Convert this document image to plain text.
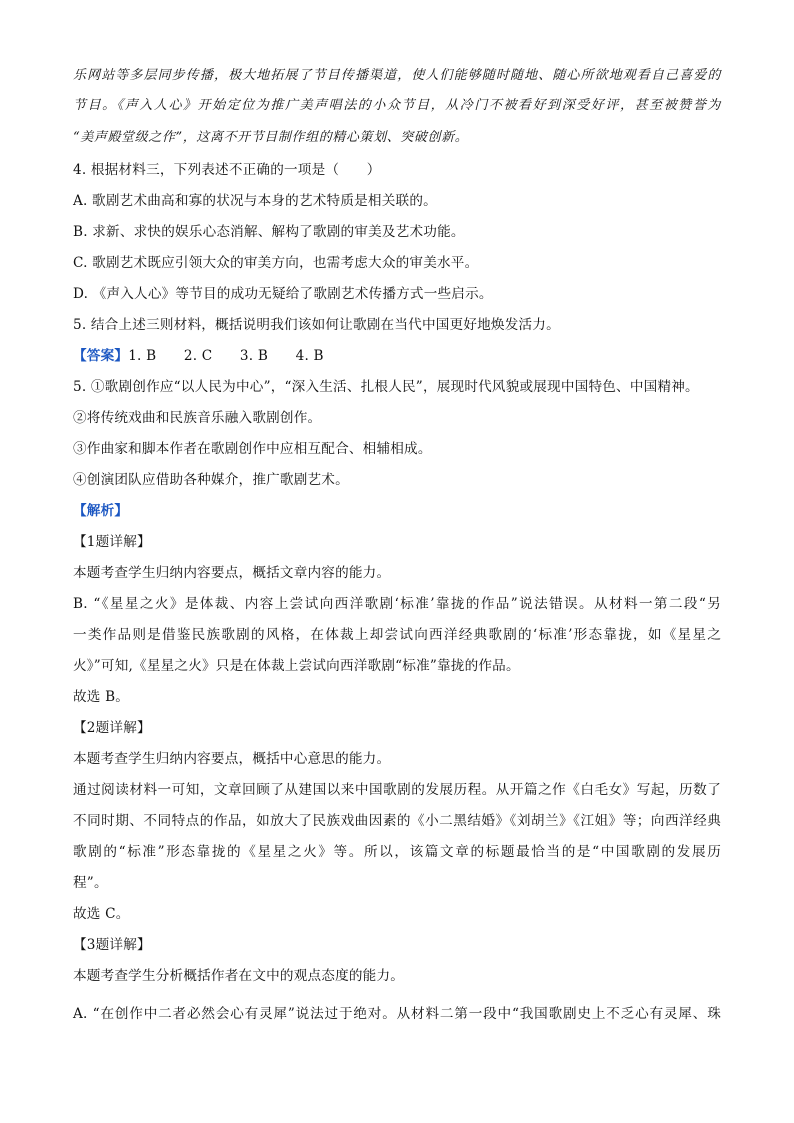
乐网站等多层同步传播，极大地拓展了节目传播渠道，使人们能够随时随地、随心所欲地观看自己喜爱的
节目。《声入人心》开始定位为推广美声唱法的小众节目，从冷门不被看好到深受好评，甚至被赞誉为
“美声殿堂级之作”，这离不开节目制作组的精心策划、突破创新。
4. 根据材料三，下列表述不正确的一项是（　　）
A. 歌剧艺术曲高和寡的状况与本身的艺术特质是相关联的。
B. 求新、求快的娱乐心态消解、解构了歌剧的审美及艺术功能。
C. 歌剧艺术既应引领大众的审美方向，也需考虑大众的审美水平。
D. 《声入人心》等节目的成功无疑给了歌剧艺术传播方式一些启示。
5. 结合上述三则材料，概括说明我们该如何让歌剧在当代中国更好地焕发活力。
【答案】1. B　　2. C　　3. B　　4. B
5. ①歌剧创作应“以人民为中心”，“深入生活、扎根人民”，展现时代风貌或展现中国特色、中国精神。
②将传统戏曲和民族音乐融入歌剧创作。
③作曲家和脚本作者在歌剧创作中应相互配合、相辅相成。
④创演团队应借助各种媒介，推广歌剧艺术。
【解析】
【1题详解】
本题考查学生归纳内容要点，概括文章内容的能力。
B. “《星星之火》是体裁、内容上尝试向西洋歌剧‘标准’靠拢的作品”说法错误。从材料一第二段“另
一类作品则是借鉴民族歌剧的风格，在体裁上却尝试向西洋经典歌剧的‘标准’形态靠拢，如《星星之
火》”可知,《星星之火》只是在体裁上尝试向西洋歌剧“标准”靠拢的作品。
故选 B。
【2题详解】
本题考查学生归纳内容要点，概括中心意思的能力。
通过阅读材料一可知，文章回顾了从建国以来中国歌剧的发展历程。从开篇之作《白毛女》写起，历数了
不同时期、不同特点的作品，如放大了民族戏曲因素的《小二黑结婚》《刘胡兰》《江姐》等；向西洋经典
歌剧的“标准”形态靠拢的《星星之火》等。所以，该篇文章的标题最恰当的是“中国歌剧的发展历
程”。
故选 C。
【3题详解】
本题考查学生分析概括作者在文中的观点态度的能力。
A. “在创作中二者必然会心有灵犀”说法过于绝对。从材料二第一段中“我国歌剧史上不乏心有灵犀、珠
